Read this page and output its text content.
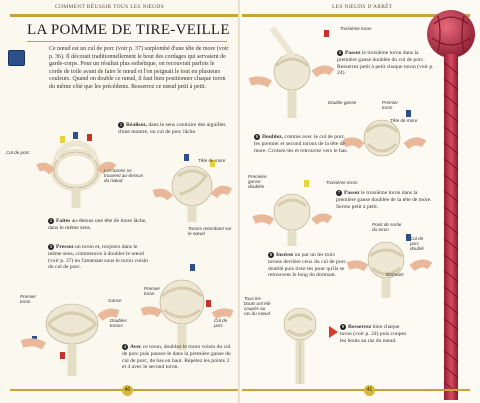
COMMENT RÉUSSIR TOUS LES NŒUDS
LA POMME DE TIRE-VEILLE
Ce nœud est un cul de porc (voir p. 37) surplombé d'une tête de more (voir p. 36). Il décorait traditionnellement le bout des cordages qui servaient de garde-corps. Pour un résultat plus esthétique, on recouvrait parfois le corde de toile avant de faire le nœud et l'on peignait le tout en plusieurs couleurs. Quand on double ce nœud, il faut bien positionner chaque toron du même côté que les précédents. Resserrez ce nœud petit à petit.
Cul de porc
Les torons se trouvent au-dessus du nœud
1 Réalisez, dans le sens contraire des aiguilles d'une montre, un cul de porc lâche.
Tête de more
Torons retombant sur le nœud
2 Faites au-dessus une tête de more lâche, dans le même sens.
3 Pressez un toron et, toujours dans le même sens, commencez à doubler le nœud (voir p. 37) en l'amenant sous le toron voisin du cul de porc.
Premier toron	Ganse
Doubles torons
Premier toron
Cul de porc
4 Avec ce toron, doublez le toron voisin du cul de porc puis passez-le dans la première ganse du cul de porc, de bas en haut. Répétez les points 3 et 4 avec le second toron.
40
LES NŒUDS D'ARRÊT
Troisième toron
Double ganse
5 Passez le troisième toron dans la première ganse doublée du cul de porc. Resserrez petit à petit chaque toron (voir p. 24).
Premier toron
Tête de more
6 Doublez, comme avec le cul de porc, les premier et second torons de la tête de more. Croisez-les et retrouvez vers le bas.
Première ganse doublée
Troisième toron
7 Passez le troisième toron dans la première ganse doublée de la tête de more. Serrez petit à petit.
Point de sortie du toron
Cul de porc doublé
8 Insérez un par un les trois torons derrière ceux du cul de porc doublé puis tirez-les pour qu'ils se retrouvent le long du dormant.
Tous les bouts ont été coupés au ras du nœud
Dormant
9 Resserrez bien chaque toron (voir p. 24) puis coupez les bouts au ras du nœud.
41
